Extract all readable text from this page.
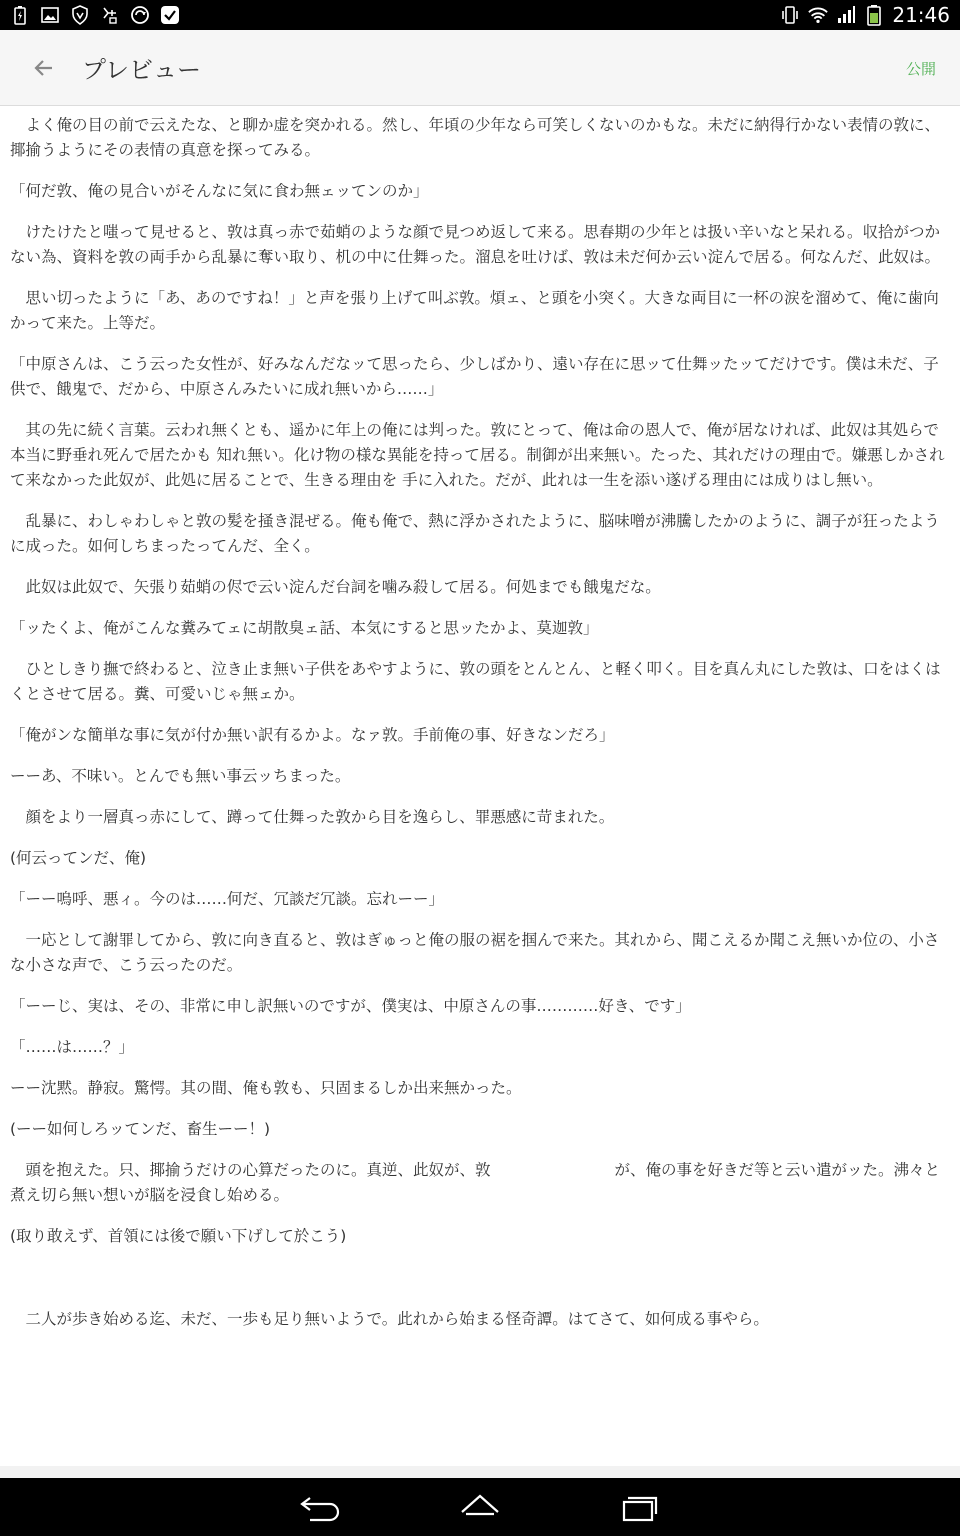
21:46
プレビュー	公開

　よく俺の目の前で云えたな、と聊か虚を突かれる。然し、年頃の少年なら可笑しくないのかもな。未だに納得行かない表情の敦に、揶揄うようにその表情の真意を探ってみる。

「何だ敦、俺の見合いがそんなに気に食わ無ェッてンのか」

　けたけたと嗤って見せると、敦は真っ赤で茹蛸のような顔で見つめ返して来る。思春期の少年とは扱い辛いなと呆れる。収拾がつかない為、資料を敦の両手から乱暴に奪い取り、机の中に仕舞った。溜息を吐けば、敦は未だ何か云い淀んで居る。何なんだ、此奴は。

　思い切ったように「あ、あのですね！」と声を張り上げて叫ぶ敦。煩ェ、と頭を小突く。大きな両目に一杯の涙を溜めて、俺に歯向かって来た。上等だ。

「中原さんは、こう云った女性が、好みなんだなッて思ったら、少しばかり、遠い存在に思ッて仕舞ッたッてだけです。僕は未だ、子供で、餓鬼で、だから、中原さんみたいに成れ無いから……」

　其の先に続く言葉。云われ無くとも、遥かに年上の俺には判った。敦にとって、俺は命の恩人で、俺が居なければ、此奴は其処らで本当に野垂れ死んで居たかも 知れ無い。化け物の様な異能を持って居る。制御が出来無い。たった、其れだけの理由で。嫌悪しかされて来なかった此奴が、此処に居ることで、生きる理由を 手に入れた。だが、此れは一生を添い遂げる理由には成りはし無い。

　乱暴に、わしゃわしゃと敦の髪を掻き混ぜる。俺も俺で、熱に浮かされたように、脳味噌が沸騰したかのように、調子が狂ったように成った。如何しちまったってんだ、全く。

　此奴は此奴で、矢張り茹蛸の侭で云い淀んだ台詞を噛み殺して居る。何処までも餓鬼だな。

「ッたくよ、俺がこんな糞みてェに胡散臭ェ話、本気にすると思ッたかよ、莫迦敦」

　ひとしきり撫で終わると、泣き止ま無い子供をあやすように、敦の頭をとんとん、と軽く叩く。目を真ん丸にした敦は、口をはくはくとさせて居る。糞、可愛いじゃ無ェか。

「俺がンな簡単な事に気が付か無い訳有るかよ。なァ敦。手前俺の事、好きなンだろ」

ーーあ、不味い。とんでも無い事云ッちまった。

　顔をより一層真っ赤にして、蹲って仕舞った敦から目を逸らし、罪悪感に苛まれた。

(何云ってンだ、俺)

「ーー嗚呼、悪ィ。今のは……何だ、冗談だ冗談。忘れーー」

　一応として謝罪してから、敦に向き直ると、敦はぎゅっと俺の服の裾を掴んで来た。其れから、聞こえるか聞こえ無いか位の、小さな小さな声で、こう云ったのだ。

「ーーじ、実は、その、非常に申し訳無いのですが、僕実は、中原さんの事…………好き、です」

「……は……？」

ーー沈黙。静寂。驚愕。其の間、俺も敦も、只固まるしか出来無かった。

(ーー如何しろッてンだ、畜生ーー！)

　頭を抱えた。只、揶揄うだけの心算だったのに。真逆、此奴が、敦　　　　　　　　が、俺の事を好きだ等と云い遣がッた。沸々と煮え切ら無い想いが脳を浸食し始める。

(取り敢えず、首領には後で願い下げして於こう)

　二人が歩き始める迄、未だ、一歩も足り無いようで。此れから始まる怪奇譚。はてさて、如何成る事やら。
